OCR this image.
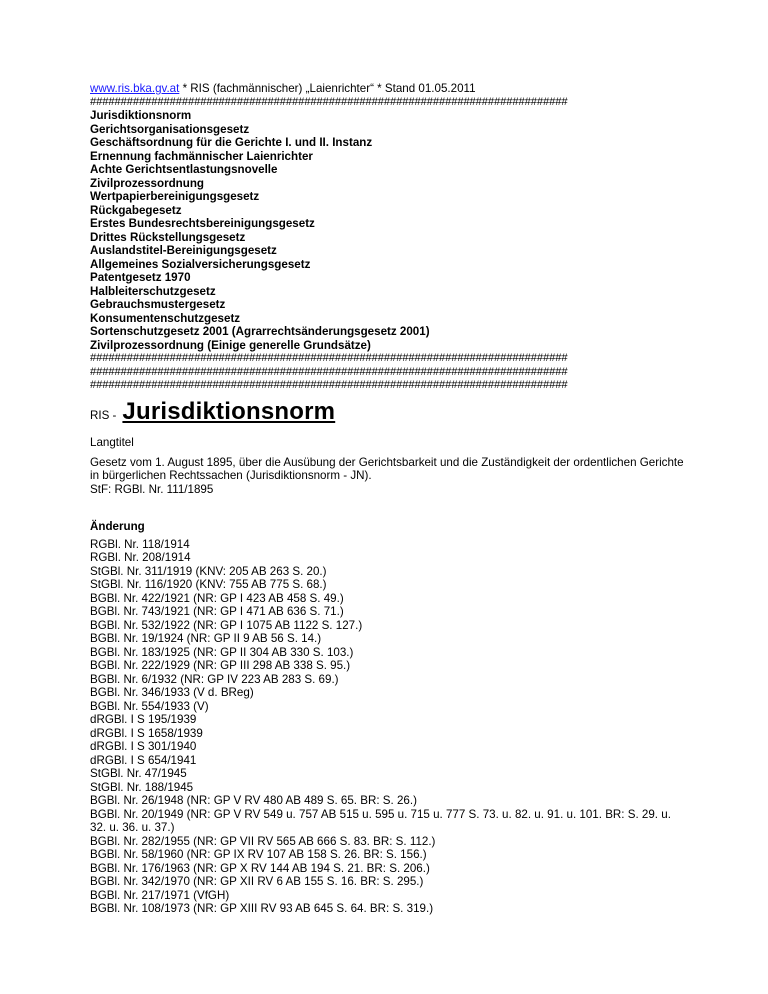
www.ris.bka.gv.at * RIS (fachmännischer) „Laienrichter“ * Stand 01.05.2011
##############################################################################
Jurisdiktionsnorm
Gerichtsorganisationsgesetz
Geschäftsordnung für die Gerichte I. und II. Instanz
Ernennung fachmännischer Laienrichter
Achte Gerichtsentlastungsnovelle
Zivilprozessordnung
Wertpapierbereinigungsgesetz
Rückgabegesetz
Erstes Bundesrechtsbereinigungsgesetz
Drittes Rückstellungsgesetz
Auslandstitel-Bereinigungsgesetz
Allgemeines Sozialversicherungsgesetz
Patentgesetz 1970
Halbleiterschutzgesetz
Gebrauchsmustergesetz
Konsumentenschutzgesetz
Sortenschutzgesetz 2001 (Agrarrechtsänderungsgesetz 2001)
Zivilprozessordnung (Einige generelle Grundsätze)
##############################################################################
##############################################################################
##############################################################################
RIS - Jurisdiktionsnorm
Langtitel
Gesetz vom 1. August 1895, über die Ausübung der Gerichtsbarkeit und die Zuständigkeit der ordentlichen Gerichte in bürgerlichen Rechtssachen (Jurisdiktionsnorm - JN).
StF: RGBl. Nr. 111/1895
Änderung
RGBl. Nr. 118/1914
RGBl. Nr. 208/1914
StGBl. Nr. 311/1919 (KNV: 205 AB 263 S. 20.)
StGBl. Nr. 116/1920 (KNV: 755 AB 775 S. 68.)
BGBl. Nr. 422/1921 (NR: GP I 423 AB 458 S. 49.)
BGBl. Nr. 743/1921 (NR: GP I 471 AB 636 S. 71.)
BGBl. Nr. 532/1922 (NR: GP I 1075 AB 1122 S. 127.)
BGBl. Nr. 19/1924 (NR: GP II 9 AB 56 S. 14.)
BGBl. Nr. 183/1925 (NR: GP II 304 AB 330 S. 103.)
BGBl. Nr. 222/1929 (NR: GP III 298 AB 338 S. 95.)
BGBl. Nr. 6/1932 (NR: GP IV 223 AB 283 S. 69.)
BGBl. Nr. 346/1933 (V d. BReg)
BGBl. Nr. 554/1933 (V)
dRGBl. I S 195/1939
dRGBl. I S 1658/1939
dRGBl. I S 301/1940
dRGBl. I S 654/1941
StGBl. Nr. 47/1945
StGBl. Nr. 188/1945
BGBl. Nr. 26/1948 (NR: GP V RV 480 AB 489 S. 65. BR: S. 26.)
BGBl. Nr. 20/1949 (NR: GP V RV 549 u. 757 AB 515 u. 595 u. 715 u. 777 S. 73. u. 82. u. 91. u. 101. BR: S. 29. u. 32. u. 36. u. 37.)
BGBl. Nr. 282/1955 (NR: GP VII RV 565 AB 666 S. 83. BR: S. 112.)
BGBl. Nr. 58/1960 (NR: GP IX RV 107 AB 158 S. 26. BR: S. 156.)
BGBl. Nr. 176/1963 (NR: GP X RV 144 AB 194 S. 21. BR: S. 206.)
BGBl. Nr. 342/1970 (NR: GP XII RV 6 AB 155 S. 16. BR: S. 295.)
BGBl. Nr. 217/1971 (VfGH)
BGBl. Nr. 108/1973 (NR: GP XIII RV 93 AB 645 S. 64. BR: S. 319.)
